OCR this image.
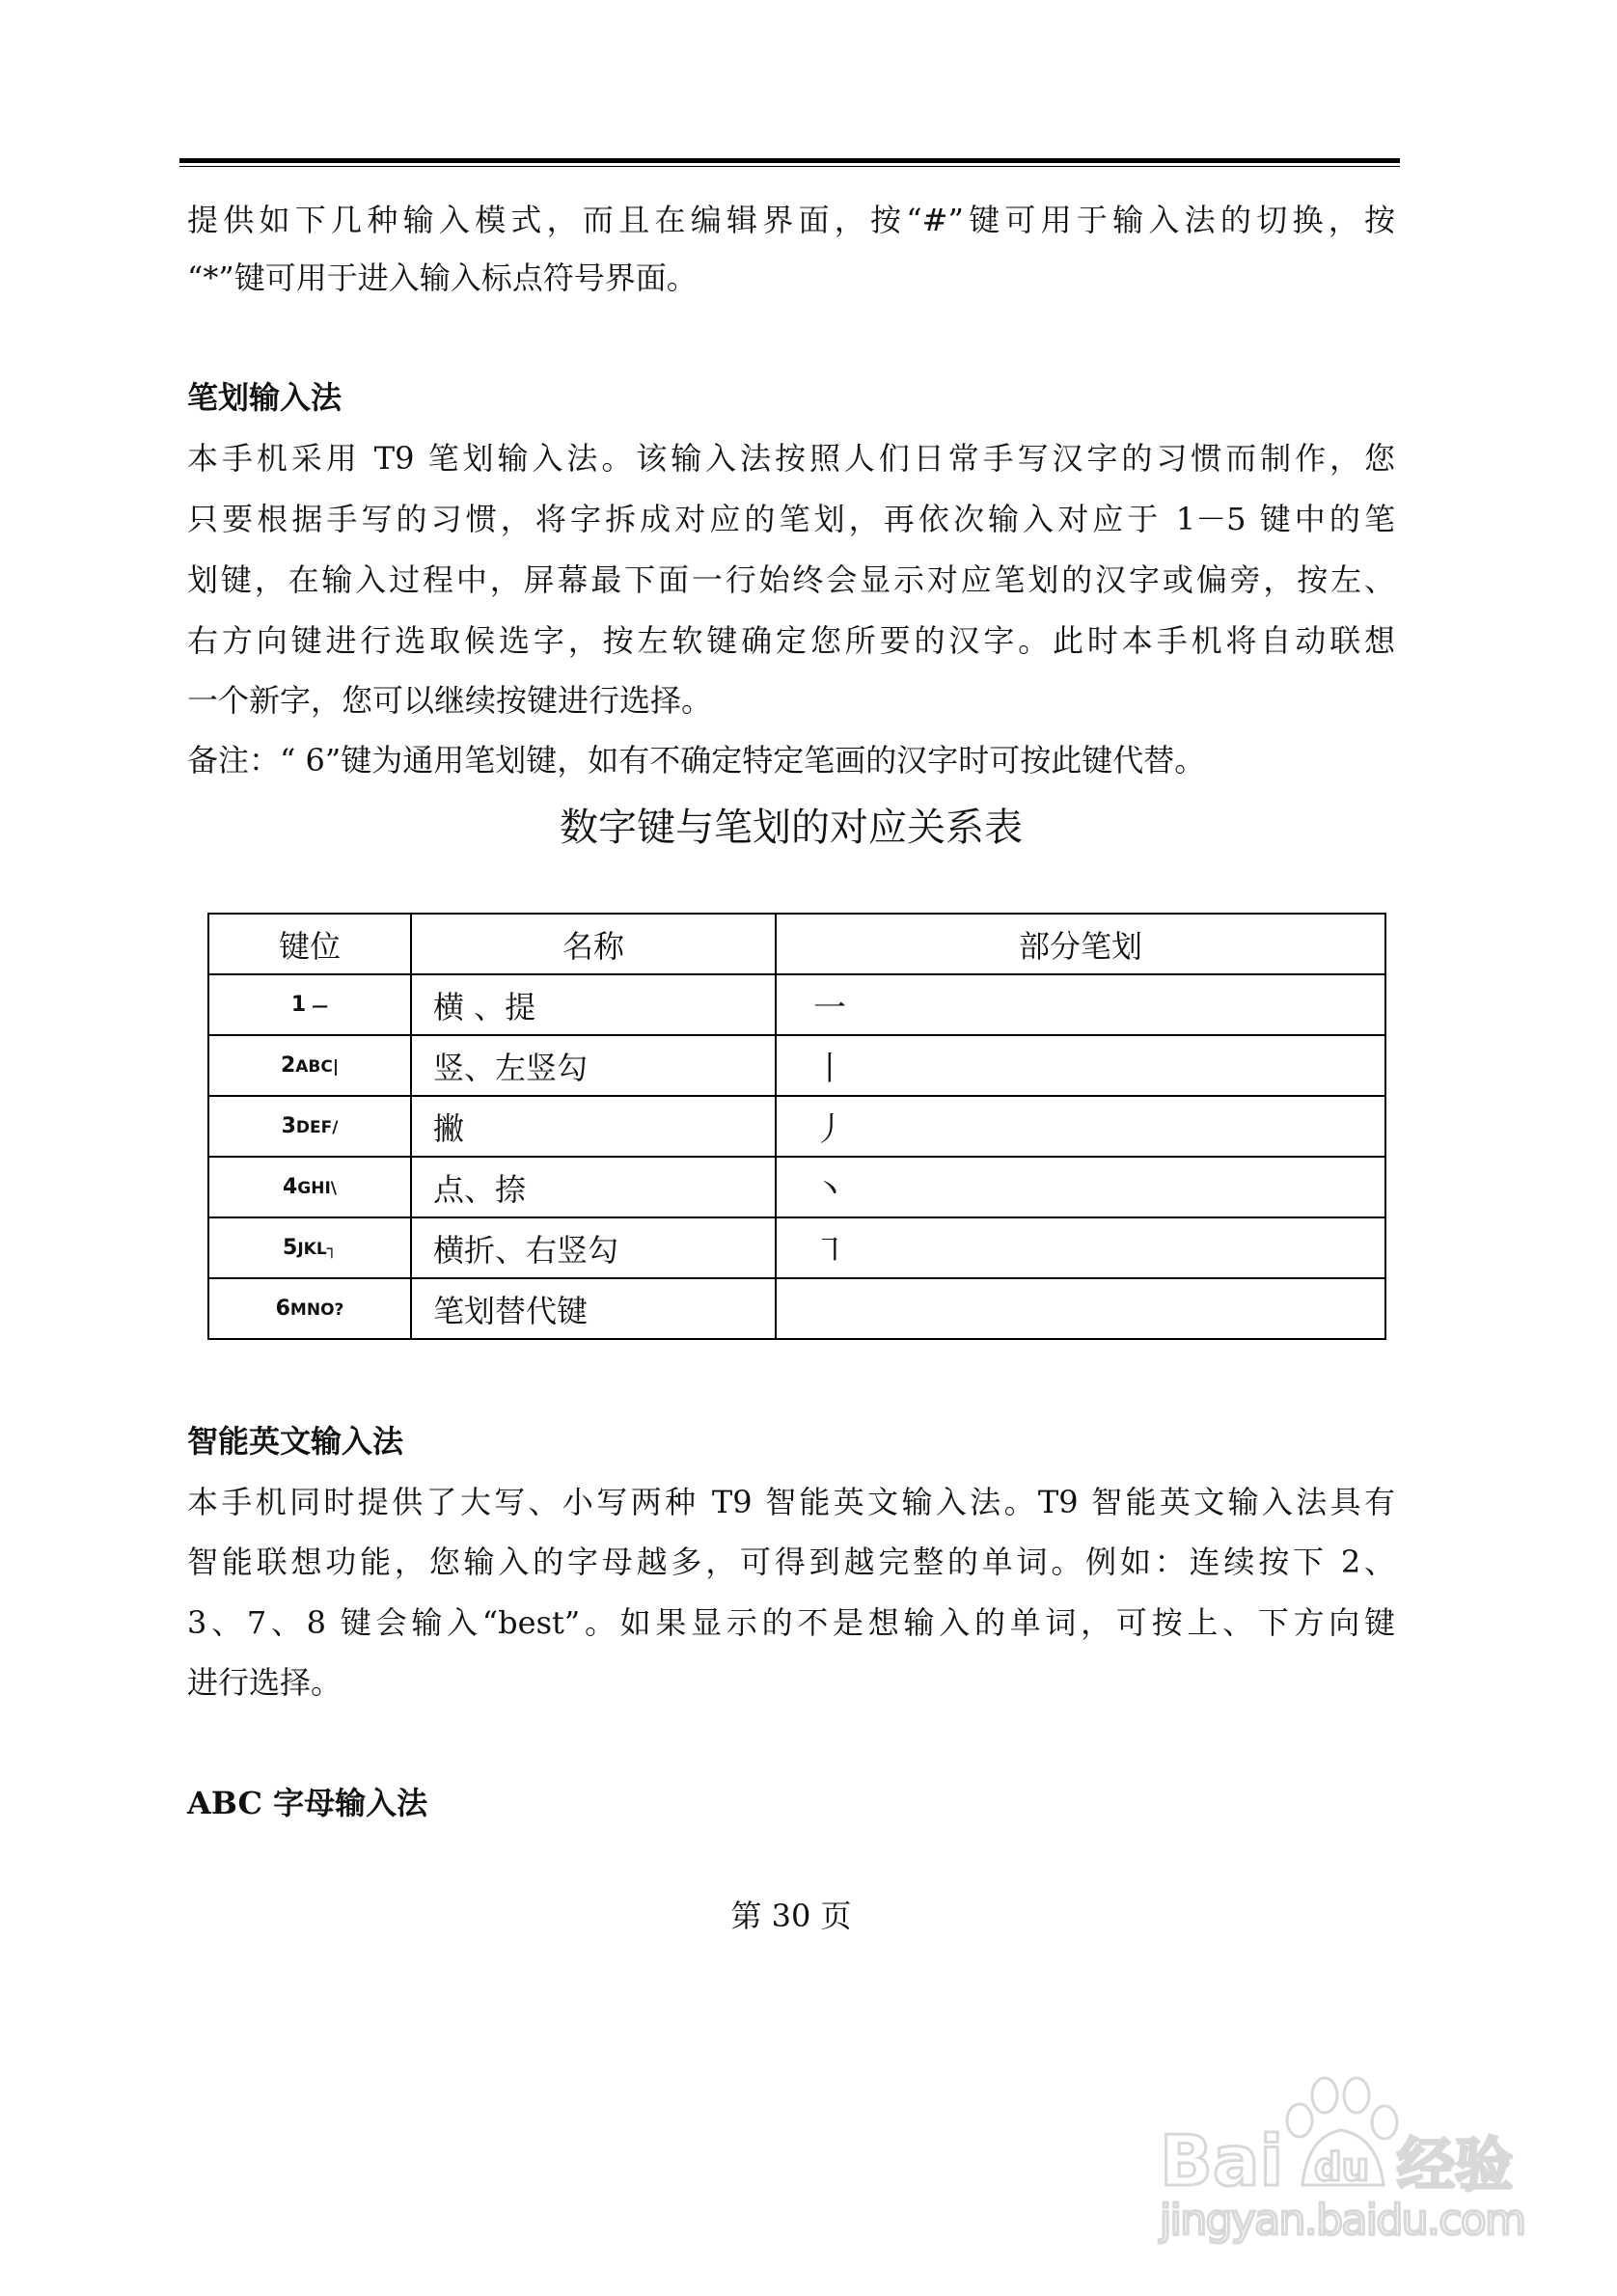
提供如下几种输入模式，而且在编辑界面，按“#”键可用于输入法的切换，按
“*”键可用于进入输入标点符号界面。
笔划输入法
本手机采用 T9 笔划输入法。该输入法按照人们日常手写汉字的习惯而制作，您
只要根据手写的习惯，将字拆成对应的笔划，再依次输入对应于 1－5 键中的笔
划键，在输入过程中，屏幕最下面一行始终会显示对应笔划的汉字或偏旁，按左、
右方向键进行选取候选字，按左软键确定您所要的汉字。此时本手机将自动联想
一个新字，您可以继续按键进行选择。
备注：“ 6”键为通用笔划键，如有不确定特定笔画的汉字时可按此键代替。
数字键与笔划的对应关系表
键位	名称	部分笔划
1 —	横 、提	一
2ABC|	竖、左竖勾	丨
3DEF/	撇	丿
4GHI\	点、捺	丶
5JKL┐	横折、右竖勾	㇕
6MNO?	笔划替代键	
智能英文输入法
本手机同时提供了大写、小写两种 T9 智能英文输入法。T9 智能英文输入法具有
智能联想功能，您输入的字母越多，可得到越完整的单词。例如：连续按下 2、
3、7、8 键会输入“best”。如果显示的不是想输入的单词，可按上、下方向键
进行选择。
ABC 字母输入法
第 30 页
Bai du 经验
jingyan.baidu.com
